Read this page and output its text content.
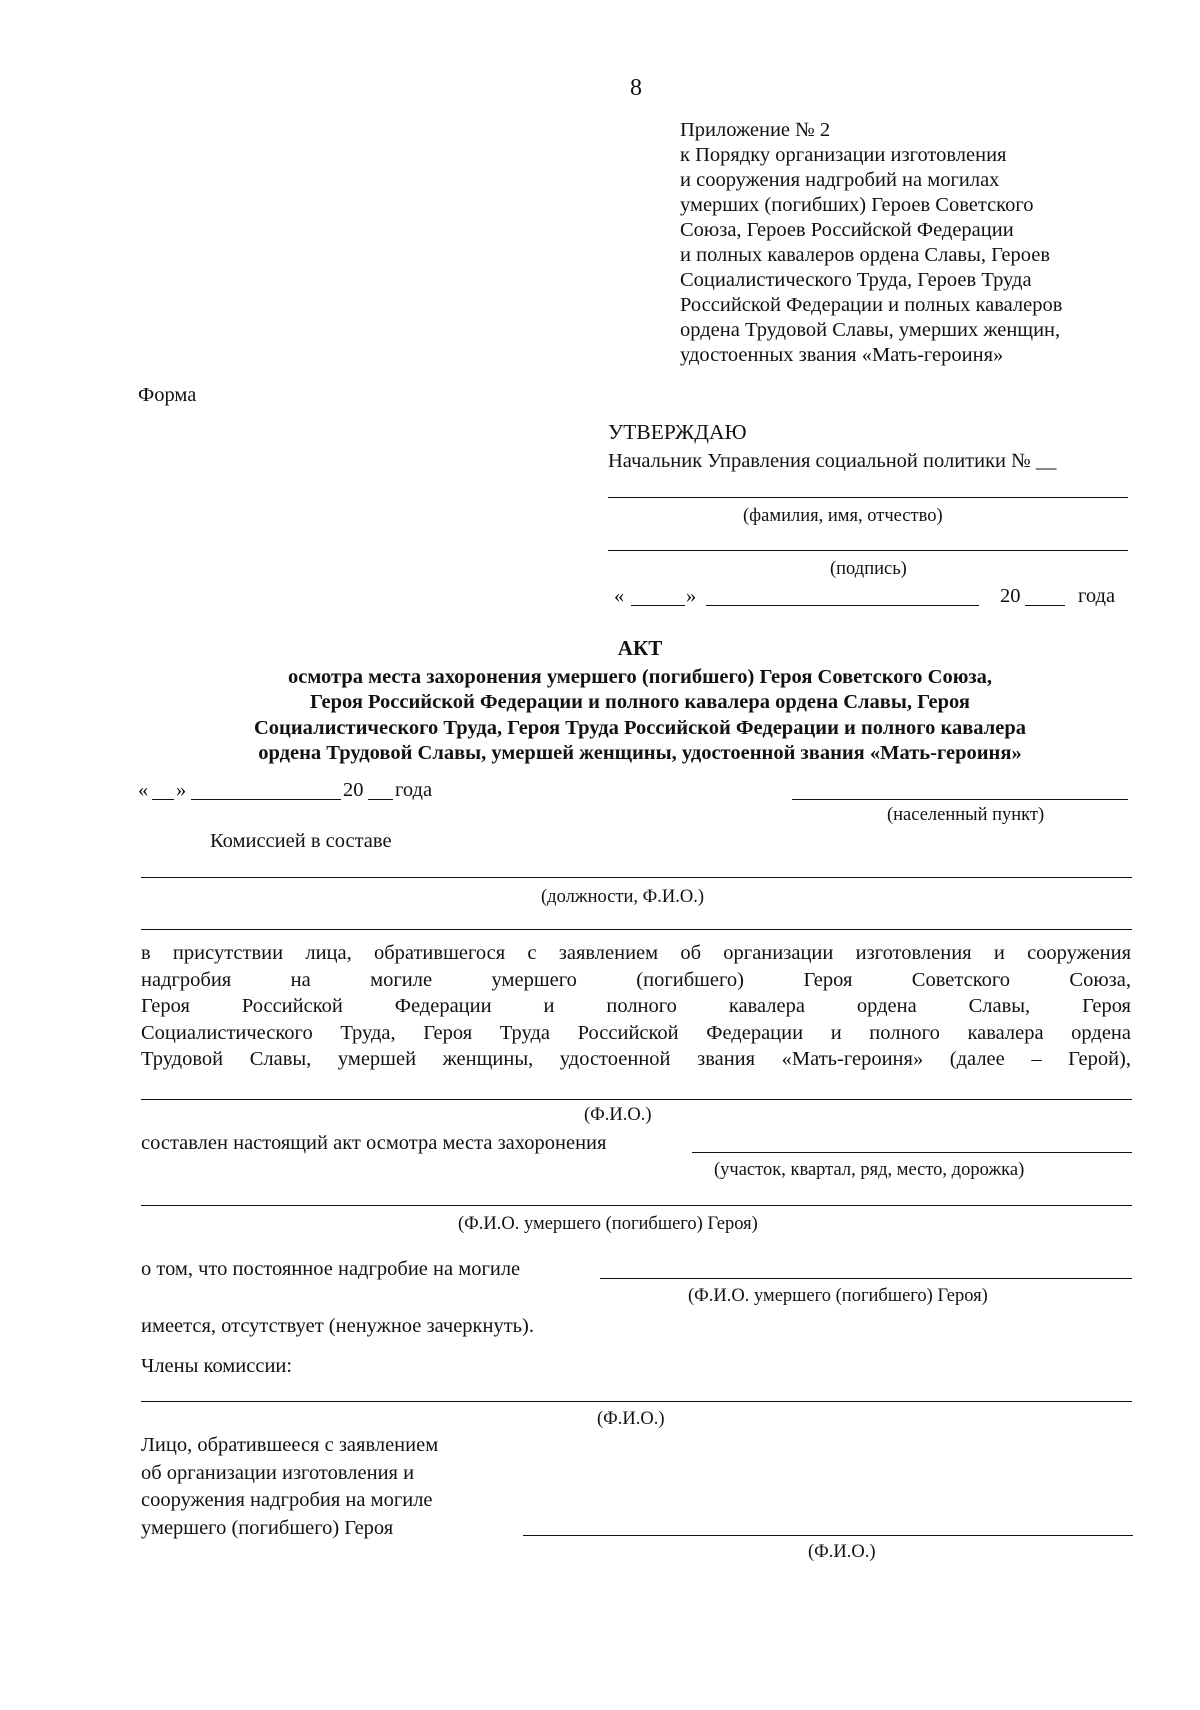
8
Приложение № 2
к Порядку организации изготовления
и сооружения надгробий на могилах
умерших (погибших) Героев Советского
Союза, Героев Российской Федерации
и полных кавалеров ордена Славы, Героев
Социалистического Труда, Героев Труда
Российской Федерации и полных кавалеров
ордена Трудовой Славы, умерших женщин,
удостоенных звания «Мать-героиня»
Форма
УТВЕРЖДАЮ
Начальник Управления социальной политики № __
(фамилия, имя, отчество)
(подпись)
«	»	20	года
АКТ
осмотра места захоронения умершего (погибшего) Героя Советского Союза,
Героя Российской Федерации и полного кавалера ордена Славы, Героя
Социалистического Труда, Героя Труда Российской Федерации и полного кавалера
ордена Трудовой Славы, умершей женщины, удостоенной звания «Мать-героиня»
« »	20 года
(населенный пункт)
Комиссией в составе
(должности, Ф.И.О.)
в присутствии лица, обратившегося с заявлением об организации изготовления и сооружения
надгробия на могиле умершего (погибшего) Героя Советского Союза,
Героя Российской Федерации и полного кавалера ордена Славы, Героя
Социалистического Труда, Героя Труда Российской Федерации и полного кавалера ордена
Трудовой Славы, умершей женщины, удостоенной звания «Мать-героиня» (далее – Герой),
(Ф.И.О.)
составлен настоящий акт осмотра места захоронения
(участок, квартал, ряд, место, дорожка)
(Ф.И.О. умершего (погибшего) Героя)
о том, что постоянное надгробие на могиле
(Ф.И.О. умершего (погибшего) Героя)
имеется, отсутствует (ненужное зачеркнуть).
Члены комиссии:
(Ф.И.О.)
Лицо, обратившееся с заявлением
об организации изготовления и
сооружения надгробия на могиле
умершего (погибшего) Героя
(Ф.И.О.)
